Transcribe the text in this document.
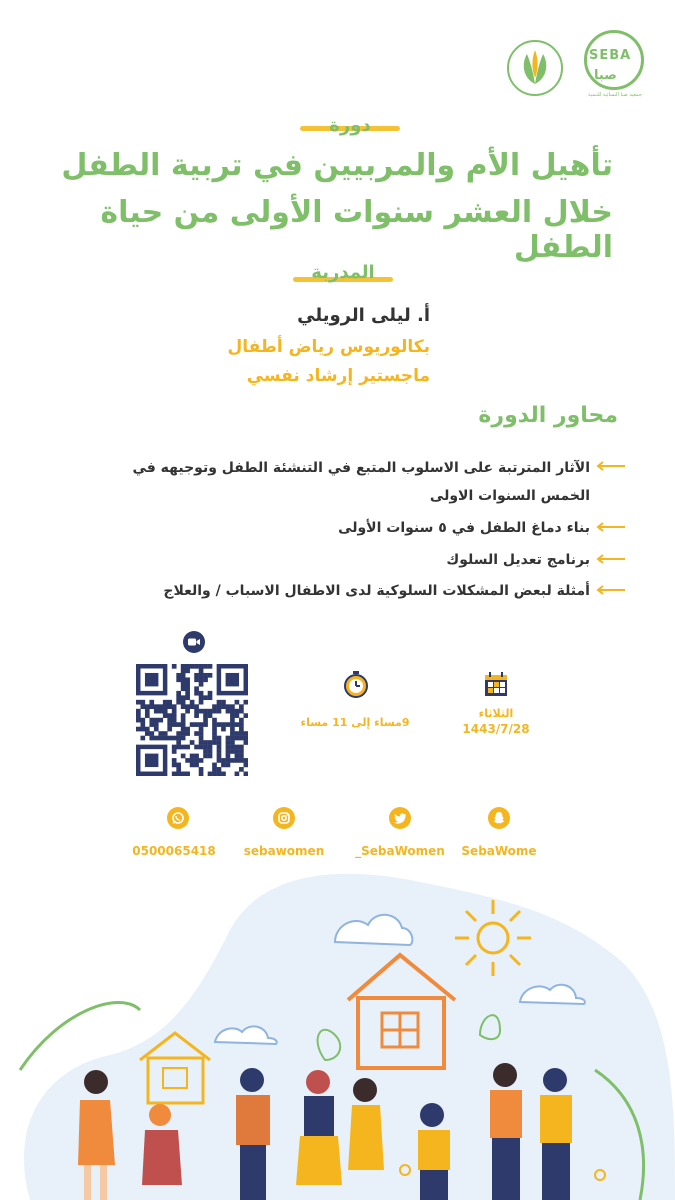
SEBA
صبا
جمعية صبا النسائية للتنمية
دورة
تأهيل الأم والمربيين في تربية الطفل
خلال العشر سنوات الأولى من حياة الطفل
المدربة
أ. ليلى الرويلي
بكالوريوس رياض أطفال
ماجستير إرشاد نفسي
محاور الدورة
الآثار المترتبة على الاسلوب المتبع في التنشئة الطفل وتوجيهه في
الخمس السنوات الاولى
بناء دماغ الطفل في ٥ سنوات الأولى
برنامج تعديل السلوك
أمثلة لبعض المشكلات السلوكية لدى الاطفال الاسباب / والعلاج
9مساء إلى 11 مساء
الثلاثاء
1443/7/28
SebaWome
_SebaWomen
sebawomen
0500065418
